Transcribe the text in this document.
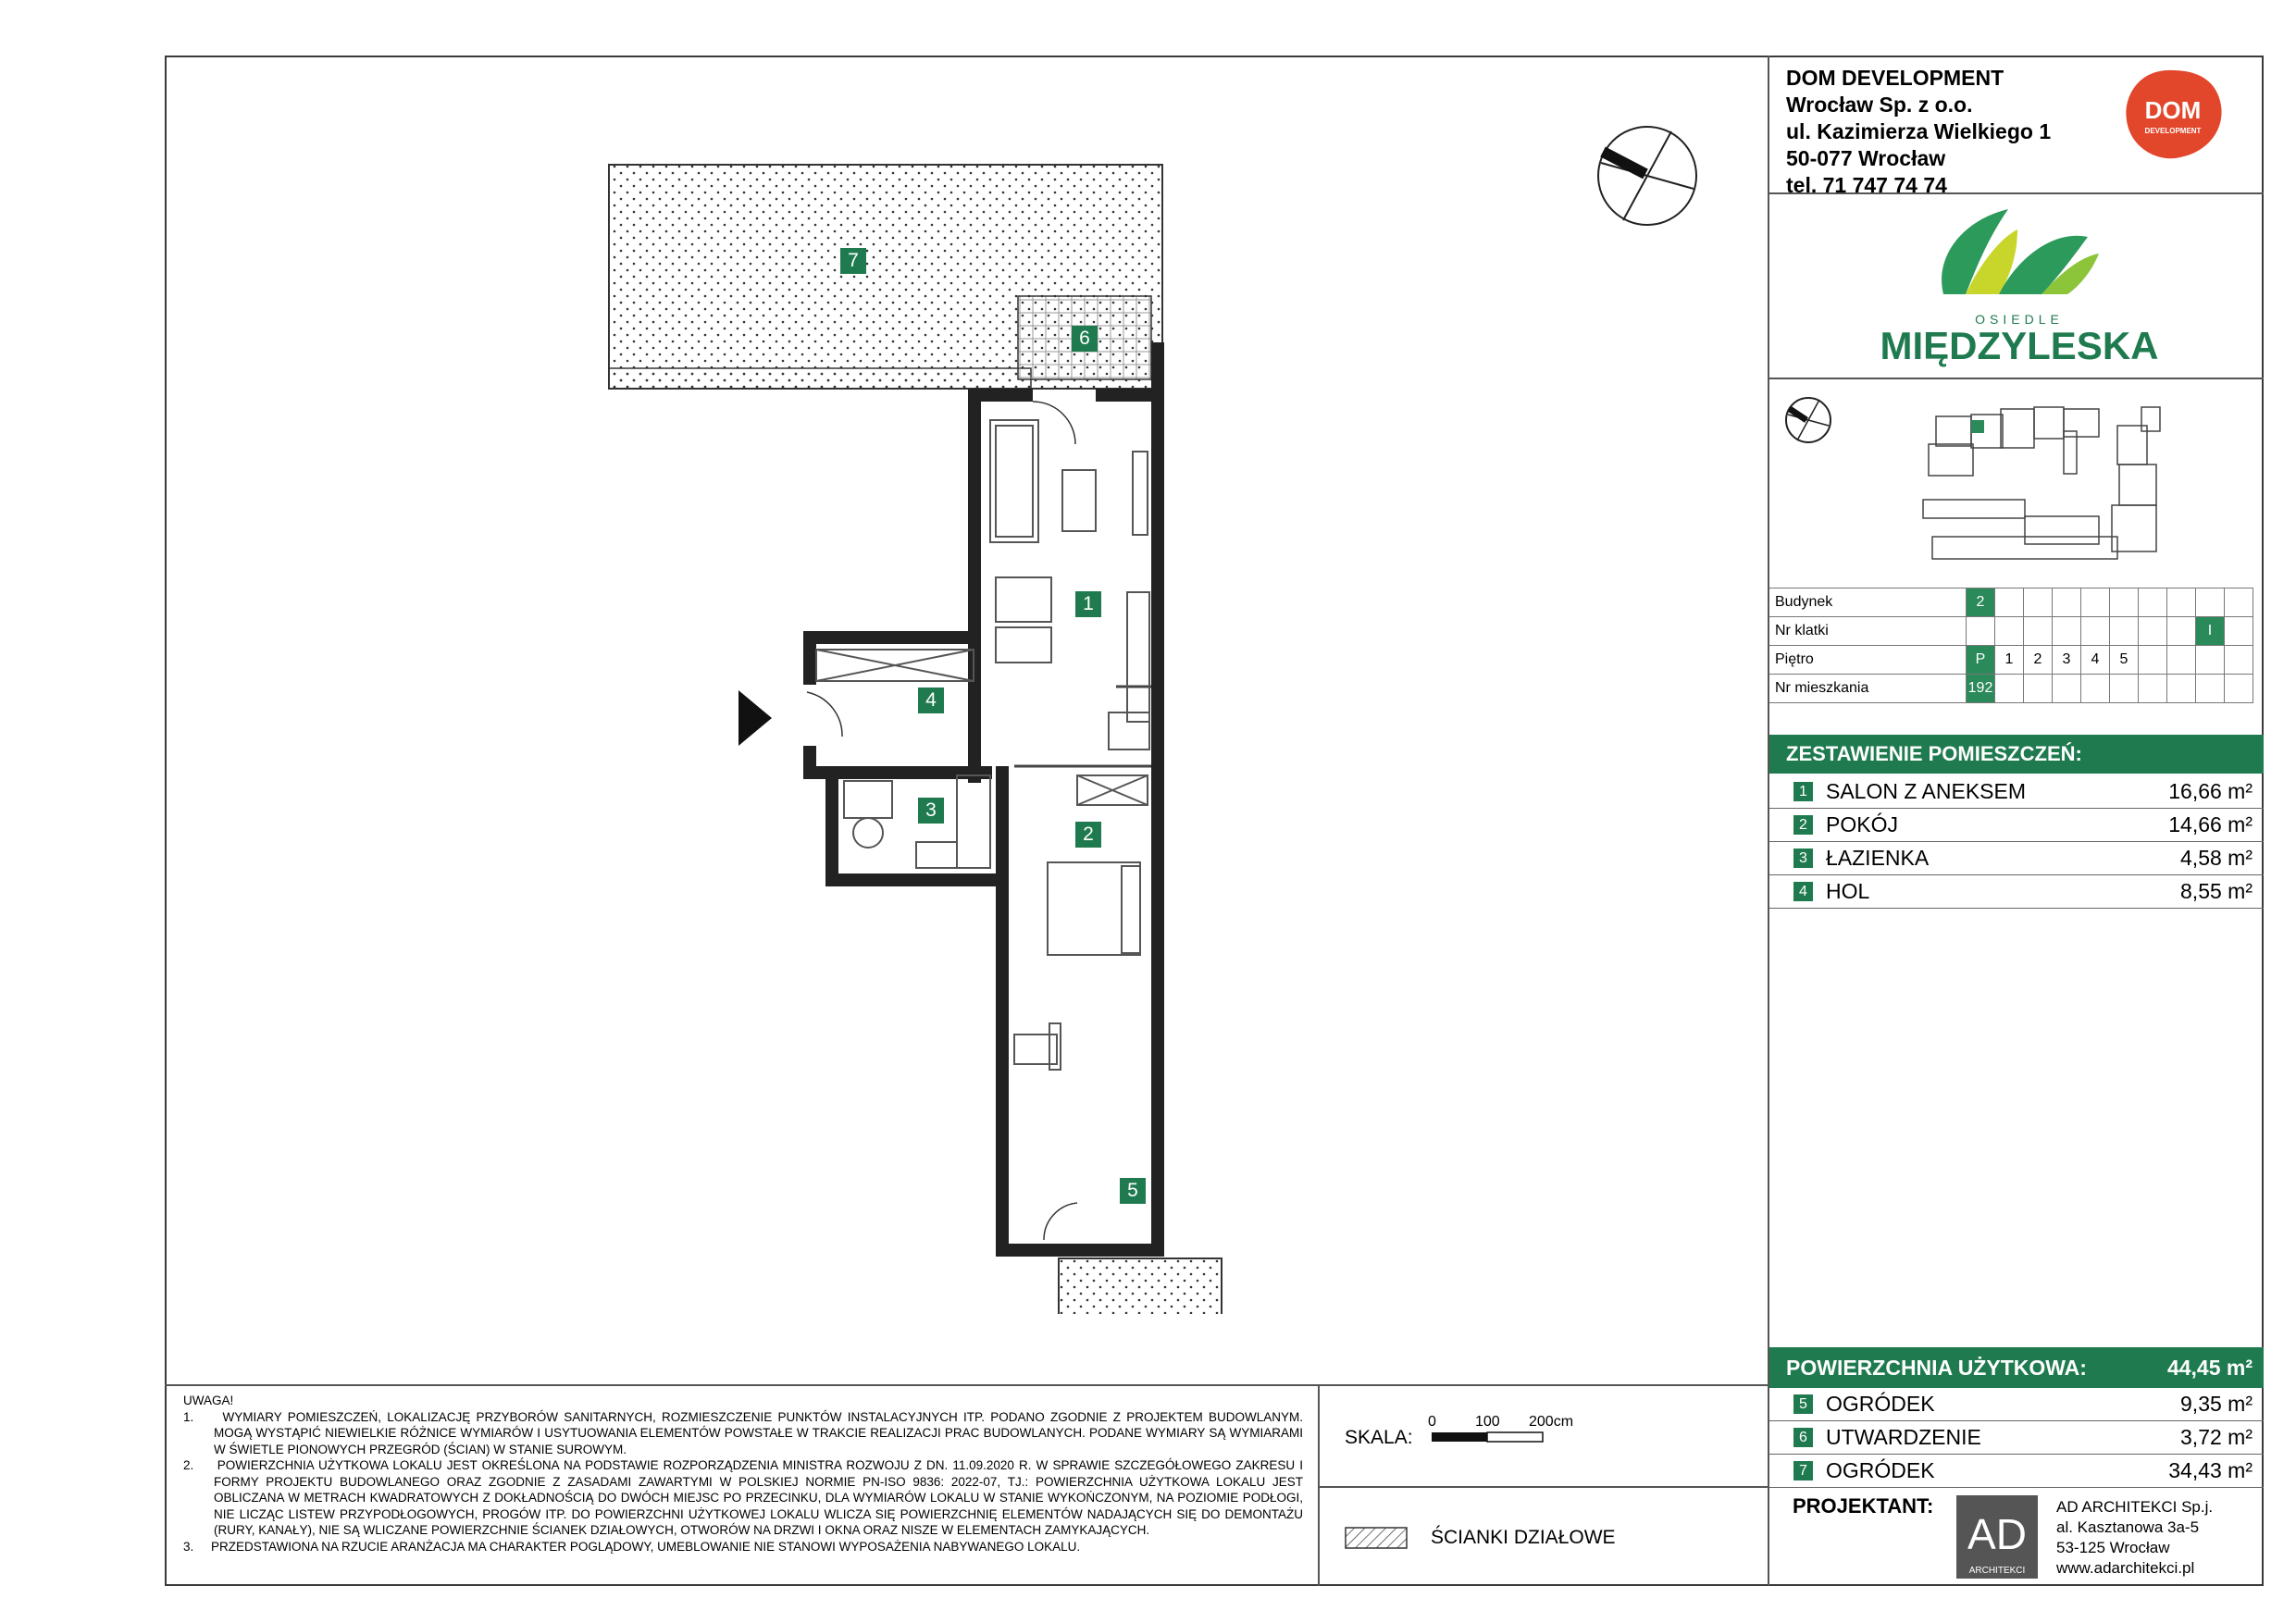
DOM DEVELOPMENT
Wrocław Sp. z o.o.
ul. Kazimierza Wielkiego 1
50-077 Wrocław
tel. 71 747 74 74
DOM
DEVELOPMENT
OSIEDLE
MIĘDZYLESKA
Budynek	2									
Nr klatki									I	
Piętro	P	1	2	3	4	5				
Nr mieszkania	192									
ZESTAWIENIE POMIESZCZEŃ:
1 SALON Z ANEKSEM	16,66 m²
2 POKÓJ	14,66 m²
3 ŁAZIENKA	4,58 m²
4 HOL	8,55 m²
POWIERZCHNIA UŻYTKOWA:	44,45 m²
5 OGRÓDEK	9,35 m²
6 UTWARDZENIE	3,72 m²
7 OGRÓDEK	34,43 m²
PROJEKTANT:
AD
ARCHITEKCI
AD ARCHITEKCI Sp.j.
al. Kasztanowa 3a-5
53-125 Wrocław
www.adarchitekci.pl
SKALA:
0	100 200cm
ŚCIANKI DZIAŁOWE

UWAGA!

1.     WYMIARY POMIESZCZEŃ, LOKALIZACJĘ PRZYBORÓW SANITARNYCH, ROZMIESZCZENIE PUNKTÓW INSTALACYJNYCH ITP. PODANO ZGODNIE Z PROJEKTEM BUDOWLANYM. MOGĄ WYSTĄPIĆ NIEWIELKIE RÓŻNICE WYMIARÓW I USYTUOWANIA ELEMENTÓW POWSTAŁE W TRAKCIE REALIZACJI PRAC BUDOWLANYCH. PODANE WYMIARY SĄ WYMIARAMI W ŚWIETLE PIONOWYCH PRZEGRÓD (ŚCIAN) W STANIE SUROWYM.

2.     POWIERZCHNIA UŻYTKOWA LOKALU JEST OKREŚLONA NA PODSTAWIE ROZPORZĄDZENIA MINISTRA ROZWOJU Z DN. 11.09.2020 R. W SPRAWIE SZCZEGÓŁOWEGO ZAKRESU I FORMY PROJEKTU BUDOWLANEGO ORAZ ZGODNIE Z ZASADAMI ZAWARTYMI W POLSKIEJ NORMIE PN-ISO 9836: 2022-07, TJ.: POWIERZCHNIA UŻYTKOWA LOKALU JEST OBLICZANA W METRACH KWADRATOWYCH Z DOKŁADNOŚCIĄ DO DWÓCH MIEJSC PO PRZECINKU, DLA WYMIARÓW LOKALU W STANIE WYKOŃCZONYM, NA POZIOMIE PODŁOGI, NIE LICZĄC LISTEW PRZYPODŁOGOWYCH, PROGÓW ITP. DO POWIERZCHNI UŻYTKOWEJ LOKALU WLICZA SIĘ POWIERZCHNIĘ ELEMENTÓW NADAJĄCYCH SIĘ DO DEMONTAŻU (RURY, KANAŁY), NIE SĄ WLICZANE POWIERZCHNIE ŚCIANEK DZIAŁOWYCH, OTWORÓW NA DRZWI I OKNA ORAZ NISZE W ELEMENTACH ZAMYKAJĄCYCH.

3.     PRZEDSTAWIONA NA RZUCIE ARANŻACJA MA CHARAKTER POGLĄDOWY, UMEBLOWANIE NIE STANOWI WYPOSAŻENIA NABYWANEGO LOKALU.

1
2
3
4
5
6
7
